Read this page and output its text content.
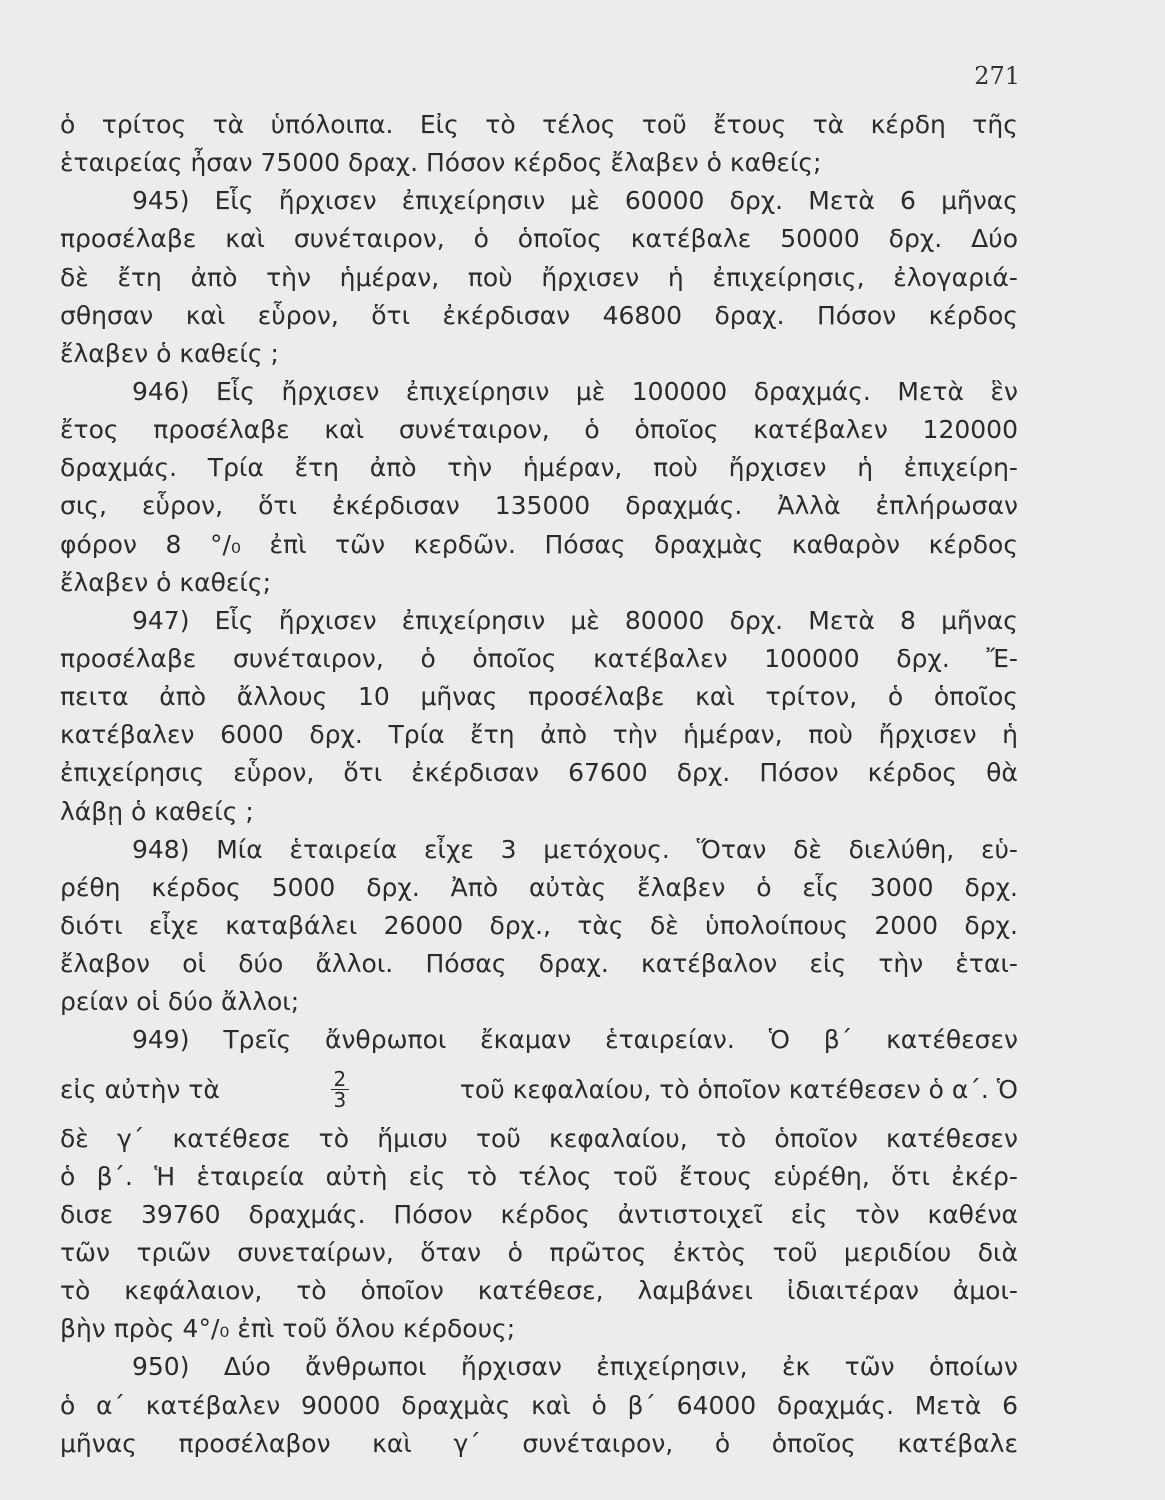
271
ὁ τρίτος τὰ ὑπόλοιπα. Εἰς τὸ τέλος τοῦ ἔτους τὰ κέρδη τῆς
ἑταιρείας ἦσαν 75000 δραχ. Πόσον κέρδος ἔλαβεν ὁ καθείς;
945) Εἷς ἤρχισεν ἐπιχείρησιν μὲ 60000 δρχ. Μετὰ 6 μῆνας
προσέλαβε καὶ συνέταιρον, ὁ ὁποῖος κατέβαλε 50000 δρχ. Δύο
δὲ ἔτη ἀπὸ τὴν ἡμέραν, ποὺ ἤρχισεν ἡ ἐπιχείρησις, ἐλογαριά-
σθησαν καὶ εὗρον, ὅτι ἐκέρδισαν 46800 δραχ. Πόσον κέρδος
ἔλαβεν ὁ καθείς ;
946) Εἷς ἤρχισεν ἐπιχείρησιν μὲ 100000 δραχμάς. Μετὰ ἓν
ἔτος προσέλαβε καὶ συνέταιρον, ὁ ὁποῖος κατέβαλεν 120000
δραχμάς. Τρία ἔτη ἀπὸ τὴν ἡμέραν, ποὺ ἤρχισεν ἡ ἐπιχείρη-
σις, εὗρον, ὅτι ἐκέρδισαν 135000 δραχμάς. Ἀλλὰ ἐπλήρωσαν
φόρον 8 °/₀ ἐπὶ τῶν κερδῶν. Πόσας δραχμὰς καθαρὸν κέρδος
ἔλαβεν ὁ καθείς;
947) Εἷς ἤρχισεν ἐπιχείρησιν μὲ 80000 δρχ. Μετὰ 8 μῆνας
προσέλαβε συνέταιρον, ὁ ὁποῖος κατέβαλεν 100000 δρχ. Ἔ-
πειτα ἀπὸ ἄλλους 10 μῆνας προσέλαβε καὶ τρίτον, ὁ ὁποῖος
κατέβαλεν 6000 δρχ. Τρία ἔτη ἀπὸ τὴν ἡμέραν, ποὺ ἤρχισεν ἡ
ἐπιχείρησις εὗρον, ὅτι ἐκέρδισαν 67600 δρχ. Πόσον κέρδος θὰ
λάβῃ ὁ καθείς ;
948) Μία ἑταιρεία εἶχε 3 μετόχους. Ὅταν δὲ διελύθη, εὑ-
ρέθη κέρδος 5000 δρχ. Ἀπὸ αὐτὰς ἔλαβεν ὁ εἷς 3000 δρχ.
διότι εἶχε καταβάλει 26000 δρχ., τὰς δὲ ὑπολοίπους 2000 δρχ.
ἔλαβον οἱ δύο ἄλλοι. Πόσας δραχ. κατέβαλον εἰς τὴν ἑται-
ρείαν οἱ δύο ἄλλοι;
949) Τρεῖς ἄνθρωποι ἔκαμαν ἑταιρείαν. Ὁ β΄ κατέθεσεν
εἰς αὐτὴν τὰ	$\frac{2}{3}$	τοῦ κεφαλαίου, τὸ ὁποῖον κατέθεσεν ὁ α΄. Ὁ
δὲ γ΄ κατέθεσε τὸ ἥμισυ τοῦ κεφαλαίου, τὸ ὁποῖον κατέθεσεν
ὁ β΄. Ἡ ἑταιρεία αὐτὴ εἰς τὸ τέλος τοῦ ἔτους εὑρέθη, ὅτι ἐκέρ-
δισε 39760 δραχμάς. Πόσον κέρδος ἀντιστοιχεῖ εἰς τὸν καθένα
τῶν τριῶν συνεταίρων, ὅταν ὁ πρῶτος ἐκτὸς τοῦ μεριδίου διὰ
τὸ κεφάλαιον, τὸ ὁποῖον κατέθεσε, λαμβάνει ἰδιαιτέραν ἀμοι-
βὴν πρὸς 4°/₀ ἐπὶ τοῦ ὅλου κέρδους;
950) Δύο ἄνθρωποι ἤρχισαν ἐπιχείρησιν, ἐκ τῶν ὁποίων
ὁ α΄ κατέβαλεν 90000 δραχμὰς καὶ ὁ β΄ 64000 δραχμάς. Μετὰ 6
μῆνας προσέλαβον καὶ γ΄ συνέταιρον, ὁ ὁποῖος κατέβαλε
